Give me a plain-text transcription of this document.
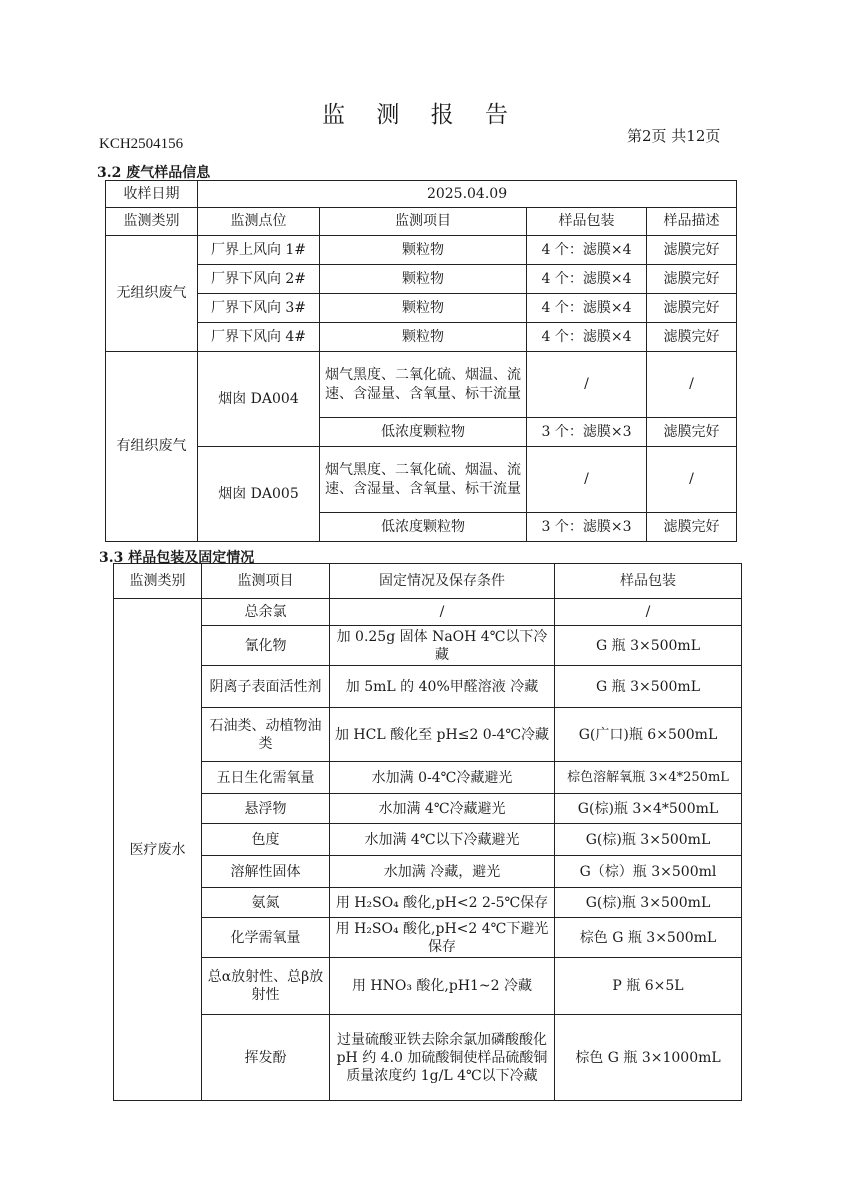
监 测 报 告
第2页 共12页
KCH2504156
3.2 废气样品信息
收样日期	2025.04.09			
监测类别	监测点位	监测项目	样品包装	样品描述
无组织废气	厂界上风向 1#	颗粒物	4 个：滤膜×4	滤膜完好
	厂界下风向 2#	颗粒物	4 个：滤膜×4	滤膜完好
	厂界下风向 3#	颗粒物	4 个：滤膜×4	滤膜完好
	厂界下风向 4#	颗粒物	4 个：滤膜×4	滤膜完好
有组织废气	烟囱 DA004	烟气黑度、二氧化硫、烟温、流速、含湿量、含氧量、标干流量	/	/
		低浓度颗粒物	3 个：滤膜×3	滤膜完好
	烟囱 DA005	烟气黑度、二氧化硫、烟温、流速、含湿量、含氧量、标干流量	/	/
		低浓度颗粒物	3 个：滤膜×3	滤膜完好
3.3 样品包装及固定情况
监测类别	监测项目	固定情况及保存条件	样品包装
医疗废水	总余氯	/	/
	氰化物	加 0.25g 固体 NaOH 4℃以下冷藏	G 瓶 3×500mL
	阴离子表面活性剂	加 5mL 的 40%甲醛溶液 冷藏	G 瓶 3×500mL
	石油类、动植物油类	加 HCL 酸化至 pH≤2 0-4℃冷藏	G(广口)瓶 6×500mL
	五日生化需氧量	水加满 0-4℃冷藏避光	棕色溶解氧瓶 3×4*250mL
	悬浮物	水加满 4℃冷藏避光	G(棕)瓶 3×4*500mL
	色度	水加满 4℃以下冷藏避光	G(棕)瓶 3×500mL
	溶解性固体	水加满 冷藏，避光	G（棕）瓶 3×500ml
	氨氮	用 H₂SO₄ 酸化,pH<2 2-5℃保存	G(棕)瓶 3×500mL
	化学需氧量	用 H₂SO₄ 酸化,pH<2 4℃下避光保存	棕色 G 瓶 3×500mL
	总α放射性、总β放射性	用 HNO₃ 酸化,pH1~2 冷藏	P 瓶 6×5L
	挥发酚	过量硫酸亚铁去除余氯加磷酸酸化 pH 约 4.0 加硫酸铜使样品硫酸铜质量浓度约 1g/L 4℃以下冷藏	棕色 G 瓶 3×1000mL
